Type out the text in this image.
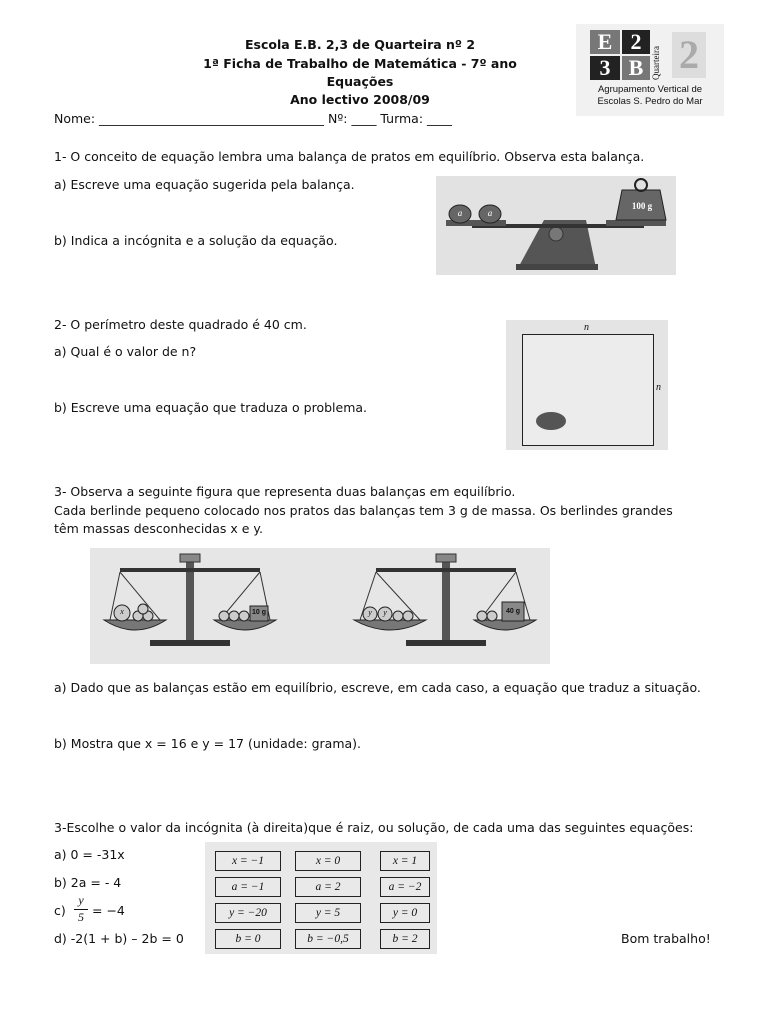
Escola E.B. 2,3 de Quarteira nº 2
1ª Ficha de Trabalho de Matemática - 7º ano
Equações
Ano lectivo 2008/09
Nome: ____________________________________ Nº: ____ Turma: ____
E 2
3 B Quarteira 2
Agrupamento Vertical de
Escolas S. Pedro do Mar
1- O conceito de equação lembra uma balança de pratos em equilíbrio. Observa esta balança.
a) Escreve uma equação sugerida pela balança.
b) Indica a incógnita e a solução da equação.
a	a
100 g
2- O perímetro deste quadrado é 40 cm.
a) Qual é o valor de n?
b) Escreve uma equação que traduza o problema.
n
n
3- Observa a seguinte figura que representa duas balanças em equilíbrio.
Cada berlinde pequeno colocado nos pratos das balanças tem 3 g de massa. Os berlindes grandes
têm massas desconhecidas x e y.
x	y y
10 g	40 g
a) Dado que as balanças estão em equilíbrio, escreve, em cada caso, a equação que traduz a situação.
b) Mostra que x = 16 e y = 17 (unidade: grama).
3-Escolhe o valor da incógnita (à direita)que é raiz, ou solução, de cada uma das seguintes equações:
a) 0 = -31x
b) 2a = - 4
$c) \frac{y}{5} = -4$
d) -2(1 + b) – 2b = 0
x = −1	x = 0	x = 1
a = −1	a = 2	a = −2
y = −20	y = 5	y = 0
b = 0	b = −0,5	b = 2	Bom trabalho!
